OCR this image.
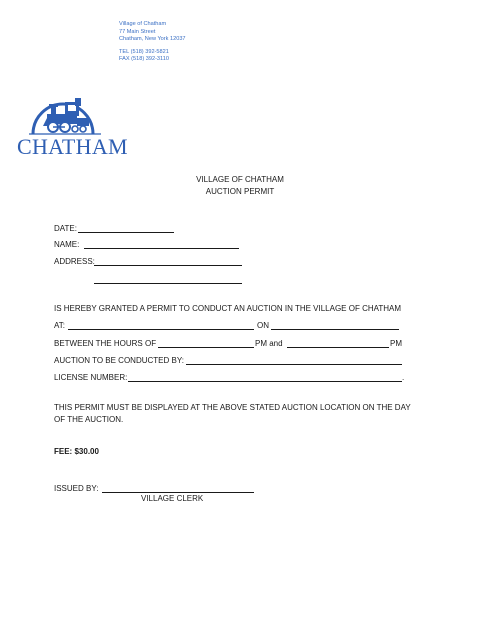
Village of Chatham
77 Main Street
Chatham, New York 12037
TEL (518) 392-5821
FAX (518) 392-3110
CHATHAM
VILLAGE OF CHATHAM
AUCTION PERMIT
DATE:
NAME:
ADDRESS:
IS HEREBY GRANTED A PERMIT TO CONDUCT AN AUCTION IN THE VILLAGE OF CHATHAM
AT:	ON
BETWEEN THE HOURS OF	PM and	PM
AUCTION TO BE CONDUCTED BY:
LICENSE NUMBER:	.
THIS PERMIT MUST BE DISPLAYED AT THE ABOVE STATED AUCTION LOCATION ON THE DAY OF THE AUCTION.
FEE: $30.00
ISSUED BY:
VILLAGE CLERK
